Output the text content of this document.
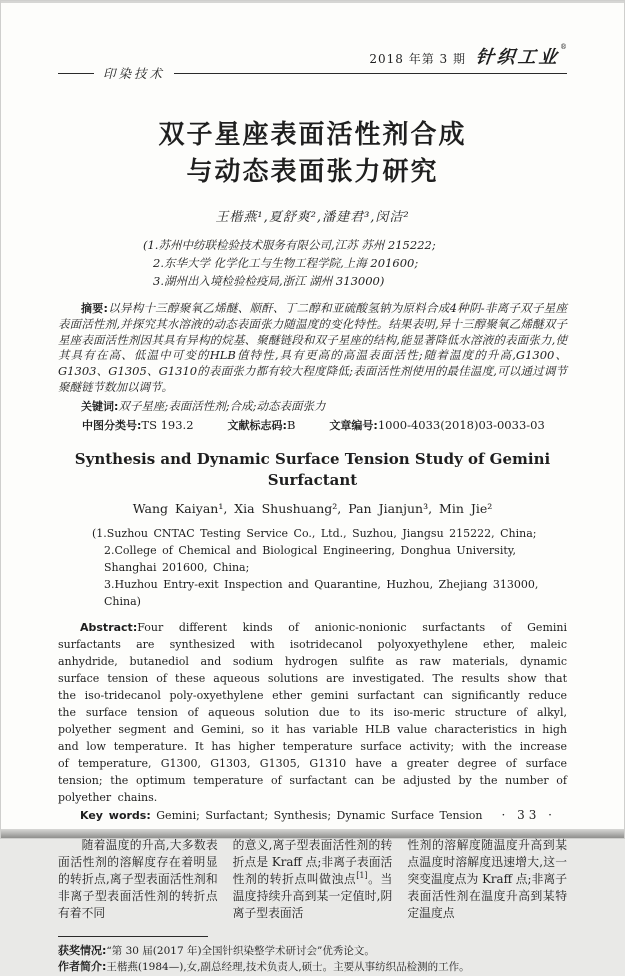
2018 年第 3 期 针织工业®
印染技术
双子星座表面活性剂合成
与动态表面张力研究

王楷燕¹,夏舒爽²,潘建君³,闵洁²

(1.苏州中纺联检验技术服务有限公司,江苏 苏州 215222;
2.东华大学 化学化工与生物工程学院,上海 201600;
3.湖州出入境检验检疫局,浙江 湖州 313000)

摘要:以异构十三醇聚氧乙烯醚、顺酐、丁二醇和亚硫酸氢钠为原料合成4种阴-非离子双子星座表面活性剂,并探究其水溶液的动态表面张力随温度的变化特性。结果表明,异十三醇聚氧乙烯醚双子星座表面活性剂因其具有异构的烷基、聚醚链段和双子星座的结构,能显著降低水溶液的表面张力,使其具有在高、低温中可变的HLB值特性,具有更高的高温表面活性;随着温度的升高,G1300、G1303、G1305、G1310的表面张力都有较大程度降低;表面活性剂使用的最佳温度,可以通过调节聚醚链节数加以调节。

关键词:双子星座;表面活性剂;合成;动态表面张力

中图分类号:TS 193.2	文献标志码:B	文章编号:1000-4033(2018)03-0033-03
Synthesis and Dynamic Surface Tension Study of Gemini Surfactant

Wang Kaiyan¹, Xia Shushuang², Pan Jianjun³, Min Jie²

(1.Suzhou CNTAC Testing Service Co., Ltd., Suzhou, Jiangsu 215222, China;
2.College of Chemical and Biological Engineering, Donghua University, Shanghai 201600, China;
3.Huzhou Entry-exit Inspection and Quarantine, Huzhou, Zhejiang 313000, China)

Abstract:Four different kinds of anionic-nonionic surfactants of Gemini surfactants are synthesized with isotridecanol polyoxyethylene ether, maleic anhydride, butanediol and sodium hydrogen sulfite as raw materials, dynamic surface tension of these aqueous solutions are investigated. The results show that the iso-tridecanol poly-oxyethylene ether gemini surfactant can significantly reduce the surface tension of aqueous solution due to its iso-meric structure of alkyl, polyether segment and Gemini, so it has variable HLB value characteristics in high and low temperature. It has higher temperature surface activity; with the increase of temperature, G1300, G1303, G1305, G1310 have a greater degree of surface tension; the optimum temperature of surfactant can be adjusted by the number of polyether chains.

Key words: Gemini; Surfactant; Synthesis; Dynamic Surface Tension

随着温度的升高,大多数表面活性剂的溶解度存在着明显的转折点,离子型表面活性剂和非离子型表面活性剂的转折点有着不同

的意义,离子型表面活性剂的转折点是 Kraff 点;非离子表面活性剂的转折点叫做浊点[1]。当温度持续升高到某一定值时,阴离子型表面活

性剂的溶解度随温度升高到某点温度时溶解度迅速增大,这一突变温度点为 Kraff 点;非离子表面活性剂在温度升高到某特定温度点

获奖情况:“第 30 届(2017 年)全国针织染整学术研讨会”优秀论文。

作者简介:王楷燕(1984—),女,副总经理,技术负责人,硕士。主要从事纺织品检测的工作。

· 33 ·
